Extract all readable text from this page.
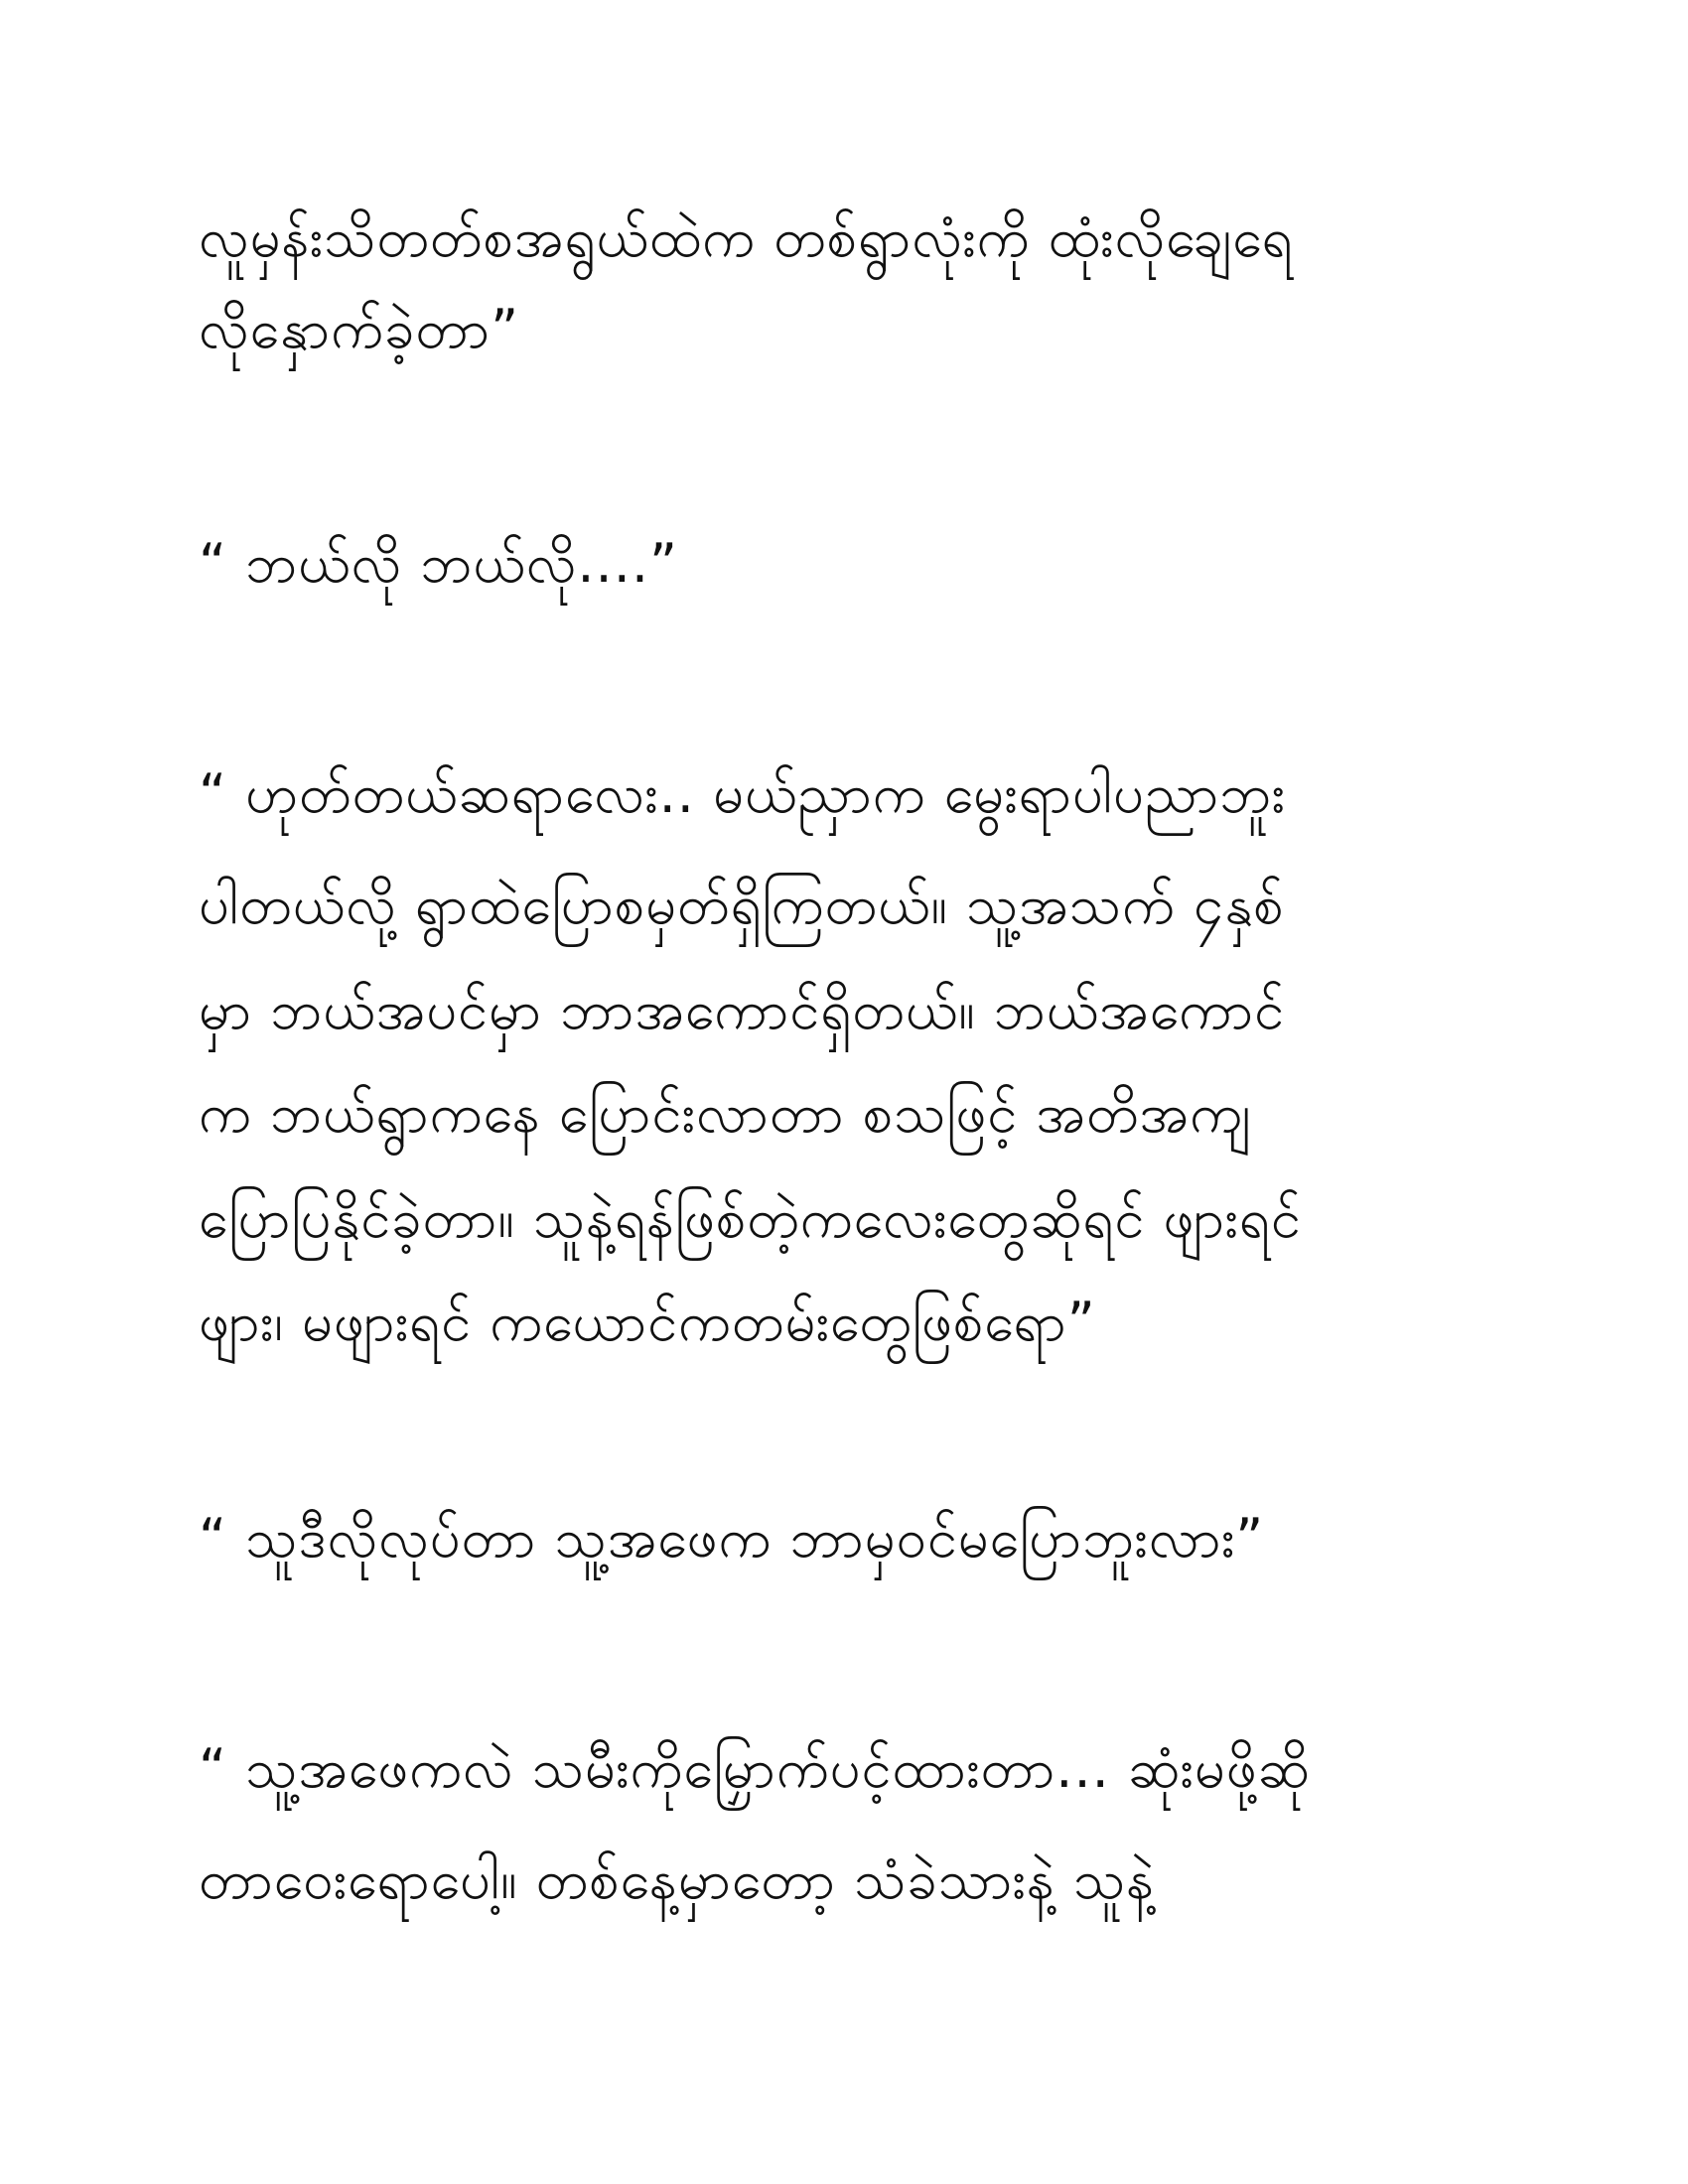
လူမှန်းသိတတ်စအရွယ်ထဲက တစ်ရွာလုံးကို ထုံးလိုချေရေ
လိုနှောက်ခဲ့တာ”
“ ဘယ်လို ဘယ်လို....”
“ ဟုတ်တယ်ဆရာလေး.. မယ်ညှာက မွေးရာပါပညာဘူး
ပါတယ်လို့ ရွာထဲပြောစမှတ်ရှိကြတယ်။ သူ့အသက် ၄နှစ်
မှာ ဘယ်အပင်မှာ ဘာအကောင်ရှိတယ်။ ဘယ်အကောင်
က ဘယ်ရွာကနေ ပြောင်းလာတာ စသဖြင့် အတိအကျ
ပြောပြနိုင်ခဲ့တာ။ သူနဲ့ရန်ဖြစ်တဲ့ကလေးတွေဆိုရင် ဖျားရင်
ဖျား၊ မဖျားရင် ကယောင်ကတမ်းတွေဖြစ်ရော”
“ သူဒီလိုလုပ်တာ သူ့အဖေက ဘာမှဝင်မပြောဘူးလား”
“ သူ့အဖေကလဲ သမီးကိုမြှောက်ပင့်ထားတာ... ဆုံးမဖို့ဆို
တာဝေးရောပေါ့။ တစ်နေ့မှာတော့ သံခဲသားနဲ့ သူနဲ့
